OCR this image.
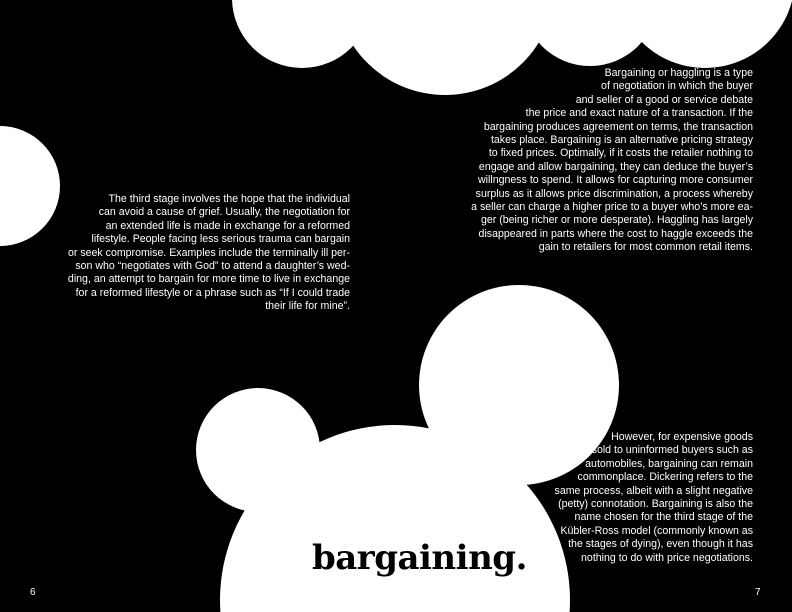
The third stage involves the hope that the individual
can avoid a cause of grief. Usually, the negotiation for
an extended life is made in exchange for a reformed
lifestyle. People facing less serious trauma can bargain
or seek compromise. Examples include the terminally ill per-
son who “negotiates with God” to attend a daughter’s wed-
ding, an attempt to bargain for more time to live in exchange
for a reformed lifestyle or a phrase such as “If I could trade
their life for mine”.
Bargaining or haggling is a type
of negotiation in which the buyer
and seller of a good or service debate
the price and exact nature of a transaction. If the
bargaining produces agreement on terms, the transaction
takes place. Bargaining is an alternative pricing strategy
to fixed prices. Optimally, if it costs the retailer nothing to
engage and allow bargaining, they can deduce the buyer’s
willngness to spend. It allows for capturing more consumer
surplus as it allows price discrimination, a process whereby
a seller can charge a higher price to a buyer who’s more ea-
ger (being richer or more desperate). Haggling has largely
disappeared in parts where the cost to haggle exceeds the
gain to retailers for most common retail items.
However, for expensive goods
sold to uninformed buyers such as
automobiles, bargaining can remain
commonplace. Dickering refers to the
same process, albeit with a slight negative
(petty) connotation. Bargaining is also the
name chosen for the third stage of the
Kübler-Ross model (commonly known as
the stages of dying), even though it has
nothing to do with price negotiations.
bargaining.
6	7
